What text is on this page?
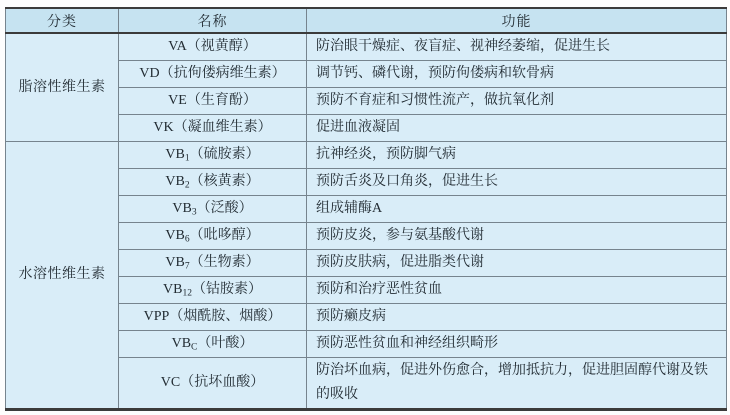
分类	名称	功能
脂溶性维生素	VA（视黄醇）	防治眼干燥症、夜盲症、视神经萎缩，促进生长
	VD（抗佝偻病维生素）	调节钙、磷代谢，预防佝偻病和软骨病
	VE（生育酚）	预防不育症和习惯性流产，做抗氧化剂
	VK（凝血维生素）	促进血液凝固
水溶性维生素	$VB_1$（硫胺素）	抗神经炎，预防脚气病
	$VB_2$（核黄素）	预防舌炎及口角炎，促进生长
	$VB_3$（泛酸）	组成辅酶A
	$VB_6$（吡哆醇）	预防皮炎，参与氨基酸代谢
	$VB_7$（生物素）	预防皮肤病，促进脂类代谢
	$VB_{12}$（钴胺素）	预防和治疗恶性贫血
	VPP（烟酰胺、烟酸）	预防癞皮病
	$VB_C$（叶酸）	预防恶性贫血和神经组织畸形
	VC（抗坏血酸）	防治坏血病，促进外伤愈合，增加抵抗力，促进胆固醇代谢及铁的吸收
